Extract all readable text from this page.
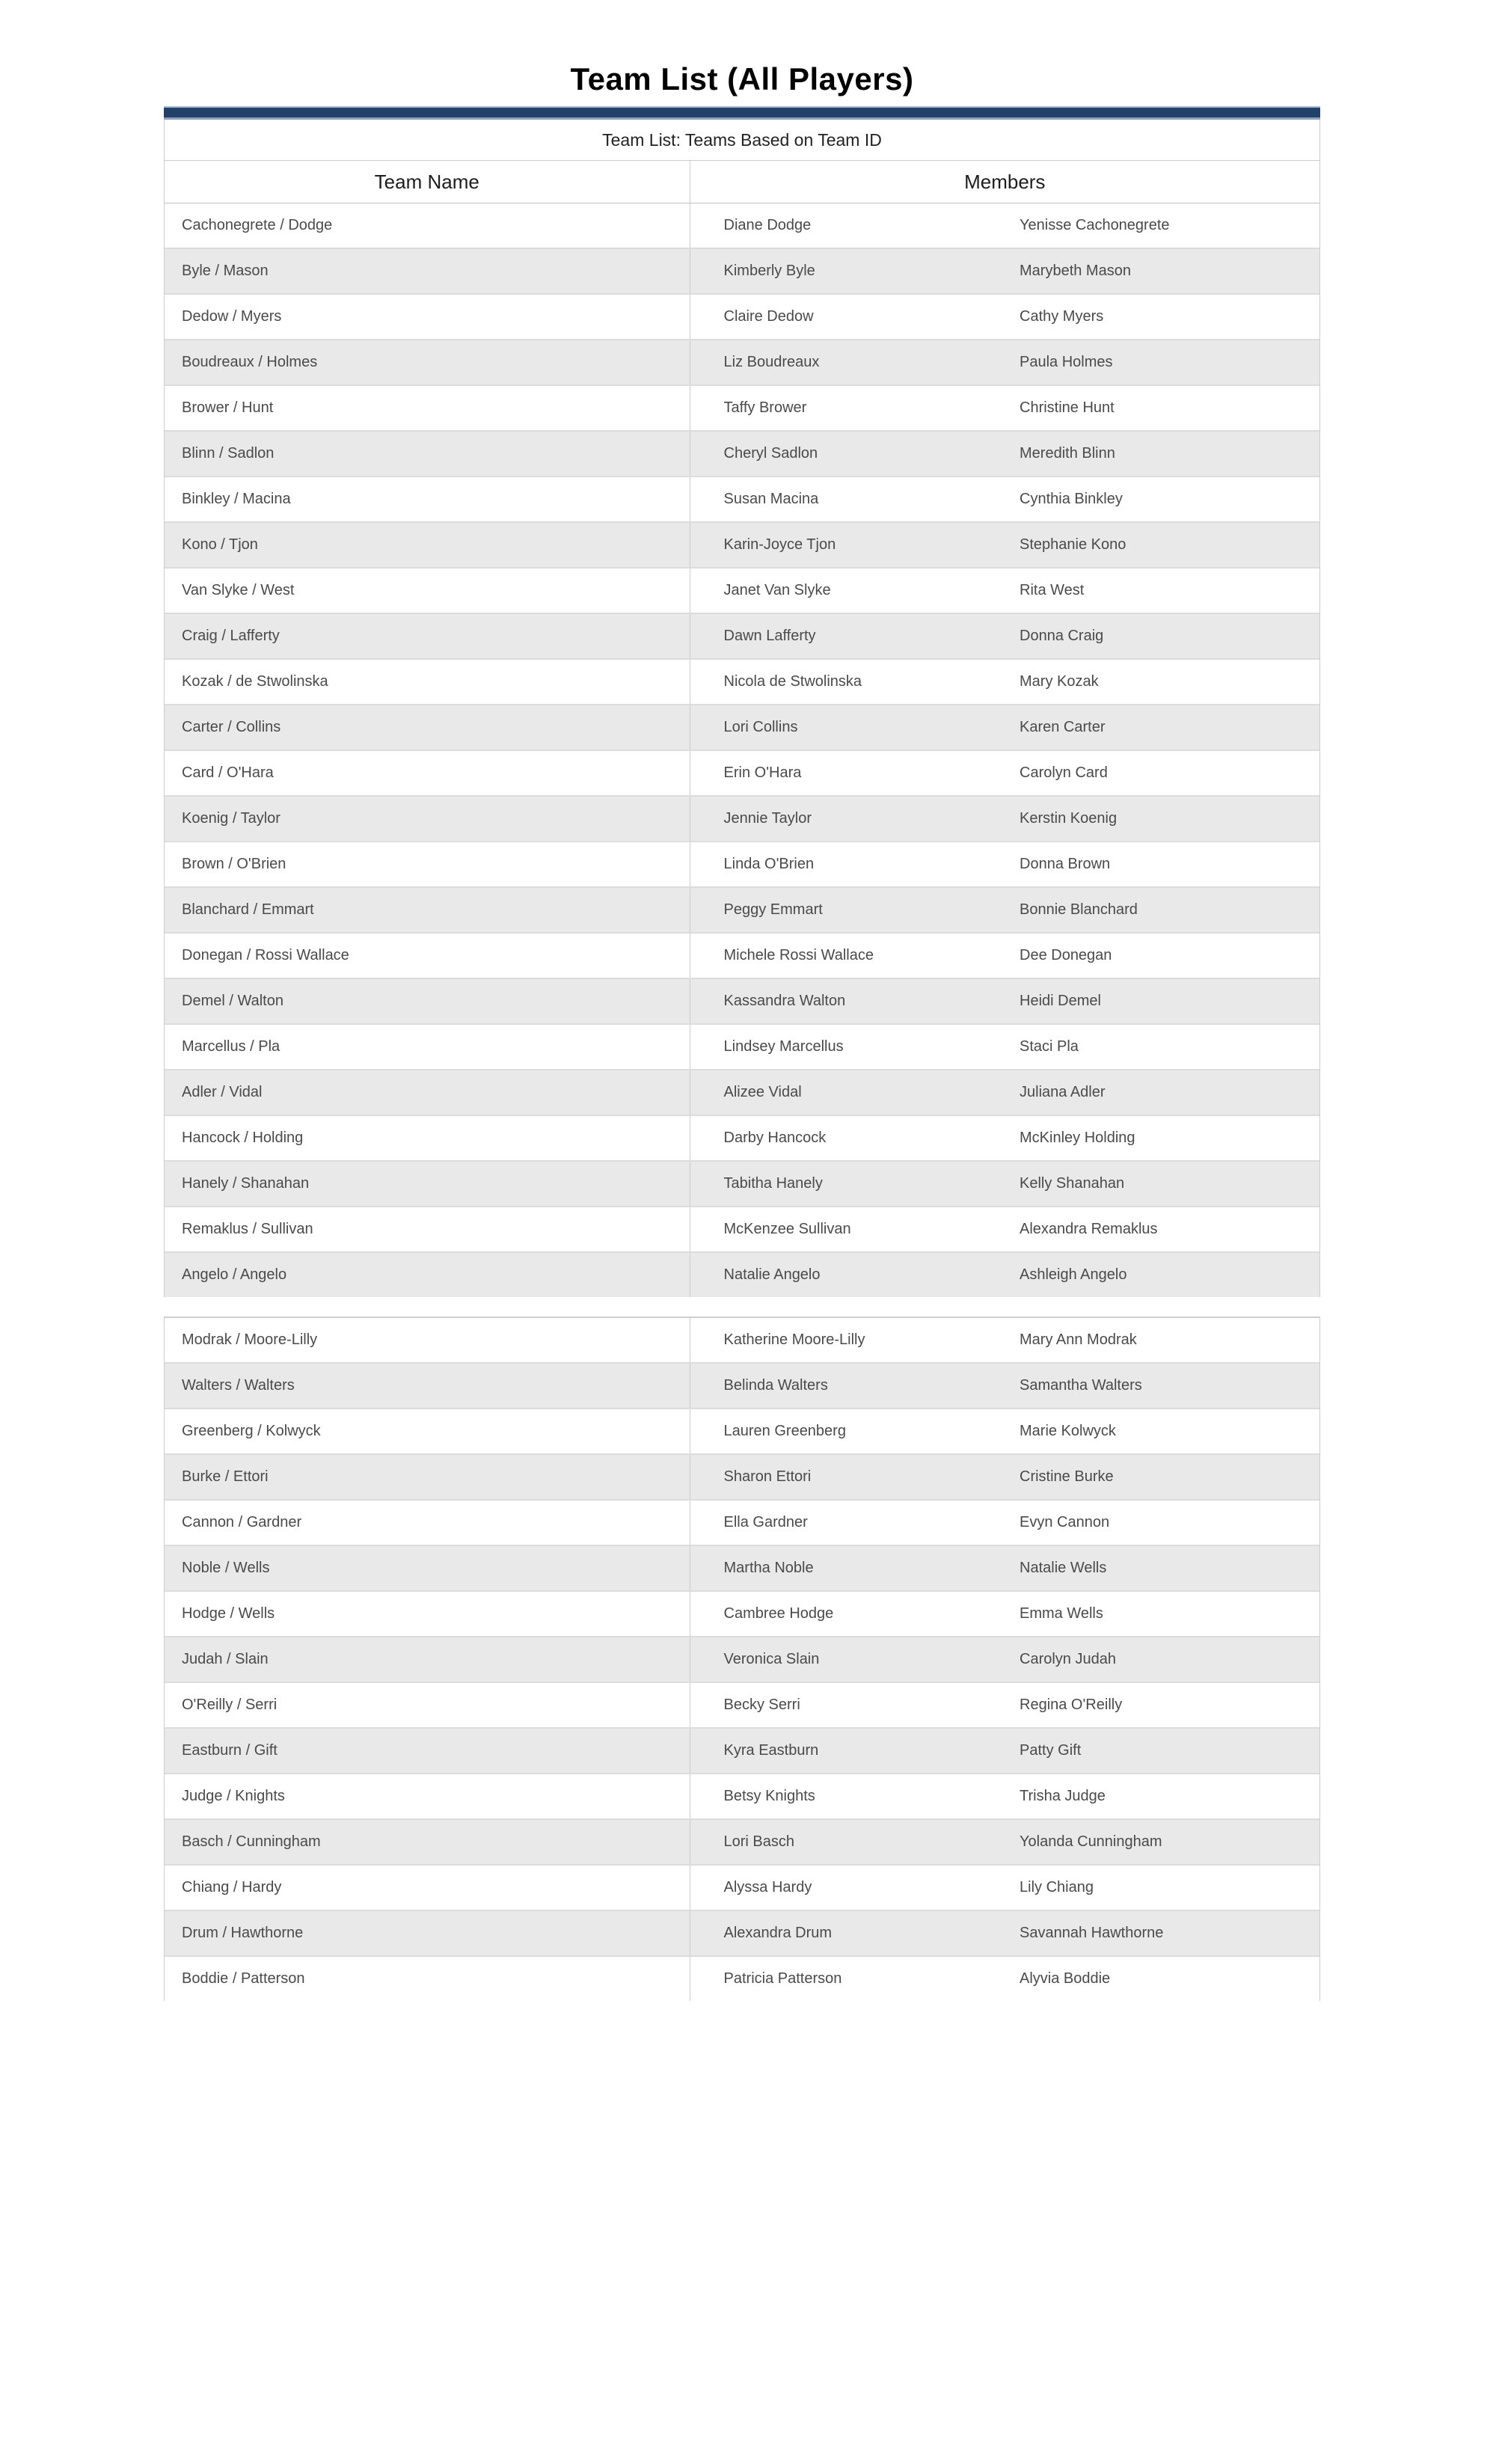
Team List (All Players)
Team List: Teams Based on Team ID
Team Name	Members
Cachonegrete / Dodge	Diane Dodge	Yenisse Cachonegrete
Byle / Mason	Kimberly Byle	Marybeth Mason
Dedow / Myers	Claire Dedow	Cathy Myers
Boudreaux / Holmes	Liz Boudreaux	Paula Holmes
Brower / Hunt	Taffy Brower	Christine Hunt
Blinn / Sadlon	Cheryl Sadlon	Meredith Blinn
Binkley / Macina	Susan Macina	Cynthia Binkley
Kono / Tjon	Karin-Joyce Tjon	Stephanie Kono
Van Slyke / West	Janet Van Slyke	Rita West
Craig / Lafferty	Dawn Lafferty	Donna Craig
Kozak / de Stwolinska	Nicola de Stwolinska	Mary Kozak
Carter / Collins	Lori Collins	Karen Carter
Card / O'Hara	Erin O'Hara	Carolyn Card
Koenig / Taylor	Jennie Taylor	Kerstin Koenig
Brown / O'Brien	Linda O'Brien	Donna Brown
Blanchard / Emmart	Peggy Emmart	Bonnie Blanchard
Donegan / Rossi Wallace	Michele Rossi Wallace	Dee Donegan
Demel / Walton	Kassandra Walton	Heidi Demel
Marcellus / Pla	Lindsey Marcellus	Staci Pla
Adler / Vidal	Alizee Vidal	Juliana Adler
Hancock / Holding	Darby Hancock	McKinley Holding
Hanely / Shanahan	Tabitha Hanely	Kelly Shanahan
Remaklus / Sullivan	McKenzee Sullivan	Alexandra Remaklus
Angelo / Angelo	Natalie Angelo	Ashleigh Angelo
Modrak / Moore-Lilly	Katherine Moore-Lilly	Mary Ann Modrak
Walters / Walters	Belinda Walters	Samantha Walters
Greenberg / Kolwyck	Lauren Greenberg	Marie Kolwyck
Burke / Ettori	Sharon Ettori	Cristine Burke
Cannon / Gardner	Ella Gardner	Evyn Cannon
Noble / Wells	Martha Noble	Natalie Wells
Hodge / Wells	Cambree Hodge	Emma Wells
Judah / Slain	Veronica Slain	Carolyn Judah
O'Reilly / Serri	Becky Serri	Regina O'Reilly
Eastburn / Gift	Kyra Eastburn	Patty Gift
Judge / Knights	Betsy Knights	Trisha Judge
Basch / Cunningham	Lori Basch	Yolanda Cunningham
Chiang / Hardy	Alyssa Hardy	Lily Chiang
Drum / Hawthorne	Alexandra Drum	Savannah Hawthorne
Boddie / Patterson	Patricia Patterson	Alyvia Boddie
